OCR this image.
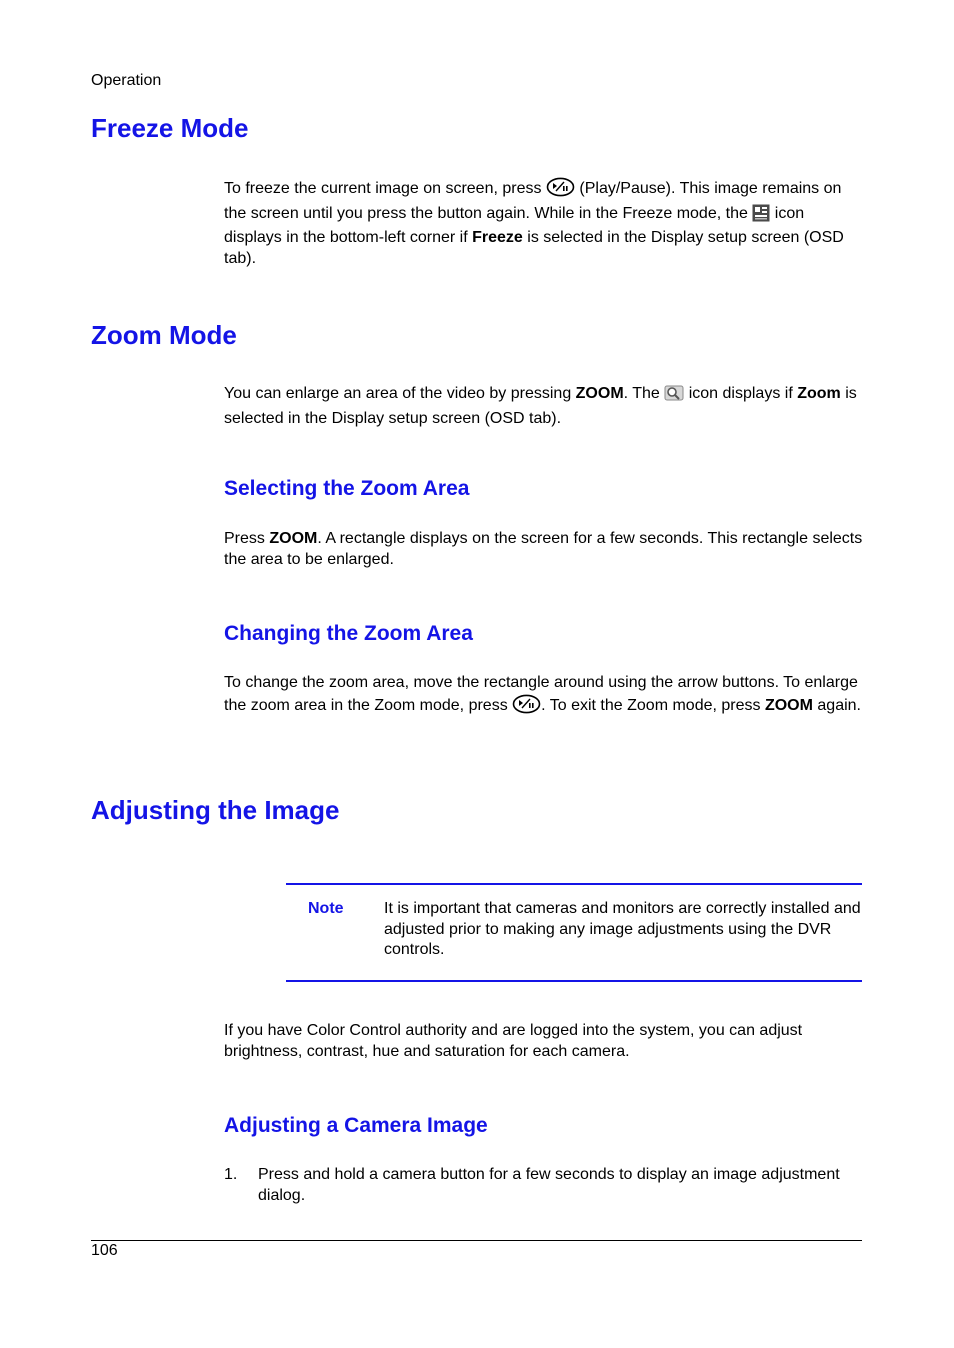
Operation
Freeze Mode
To freeze the current image on screen, press  (Play/Pause). This image remains on the screen until you press the button again. While in the Freeze mode, the  icon displays in the bottom-left corner if Freeze is selected in the Display setup screen (OSD tab).
Zoom Mode
You can enlarge an area of the video by pressing ZOOM. The  icon displays if Zoom is selected in the Display setup screen (OSD tab).
Selecting the Zoom Area
Press ZOOM. A rectangle displays on the screen for a few seconds. This rectangle selects the area to be enlarged.
Changing the Zoom Area
To change the zoom area, move the rectangle around using the arrow buttons. To enlarge the zoom area in the Zoom mode, press . To exit the Zoom mode, press ZOOM again.
Adjusting the Image
Note	It is important that cameras and monitors are correctly installed and adjusted prior to making any image adjustments using the DVR controls.
If you have Color Control authority and are logged into the system, you can adjust brightness, contrast, hue and saturation for each camera.
Adjusting a Camera Image
1. Press and hold a camera button for a few seconds to display an image adjustment dialog.
106
